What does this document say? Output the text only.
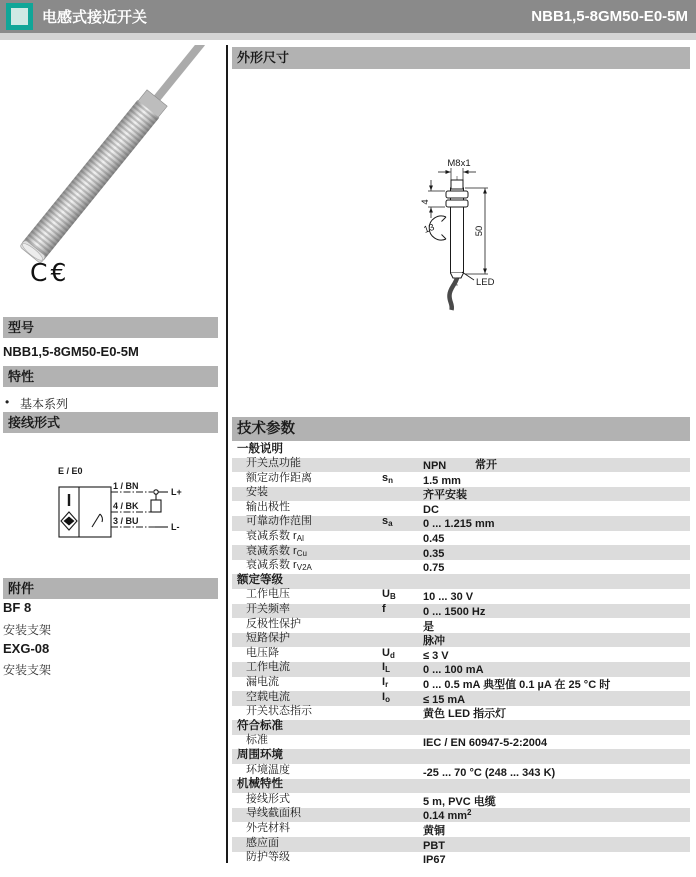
电感式接近开关	NBB1,5-8GM50-E0-5M
C€
型号
NBB1,5-8GM50-E0-5M
特性
• 基本系列
接线形式
E / E0
1 / BN
4 / BK
3 / BU
L+
L-
附件
BF 8
安装支架
EXG-08
安装支架
外形尺寸
M8x1
4
13	50
LED
技术参数
一般说明
开关点功能	NPN	常开
额定动作距离	$s_n$	1.5 mm
安装	齐平安装
输出极性	DC
可靠动作范围	$s_a$	0 ... 1.215 mm
衰减系数 $r_{Al}$	0.45
衰减系数 $r_{Cu}$	0.35
衰减系数 $r_{V2A}$	0.75
额定等级
工作电压	$U_B$	10 ... 30 V
开关频率	f	0 ... 1500 Hz
反极性保护	是
短路保护	脉冲
电压降	$U_d$	≤ 3 V
工作电流	$I_L$	0 ... 100 mA
漏电流	$I_r$	0 ... 0.5 mA 典型值 0.1 µA 在 25 °C 时
空载电流	$I_o$	≤ 15 mA
开关状态指示	黄色 LED 指示灯
符合标准
标准	IEC / EN 60947-5-2:2004
周围环境
环境温度	-25 ... 70 °C (248 ... 343 K)
机械特性
接线形式	5 m, PVC 电缆
导线截面积	0.14 $mm^2$
外壳材料	黄铜
感应面	PBT
防护等级	IP67
